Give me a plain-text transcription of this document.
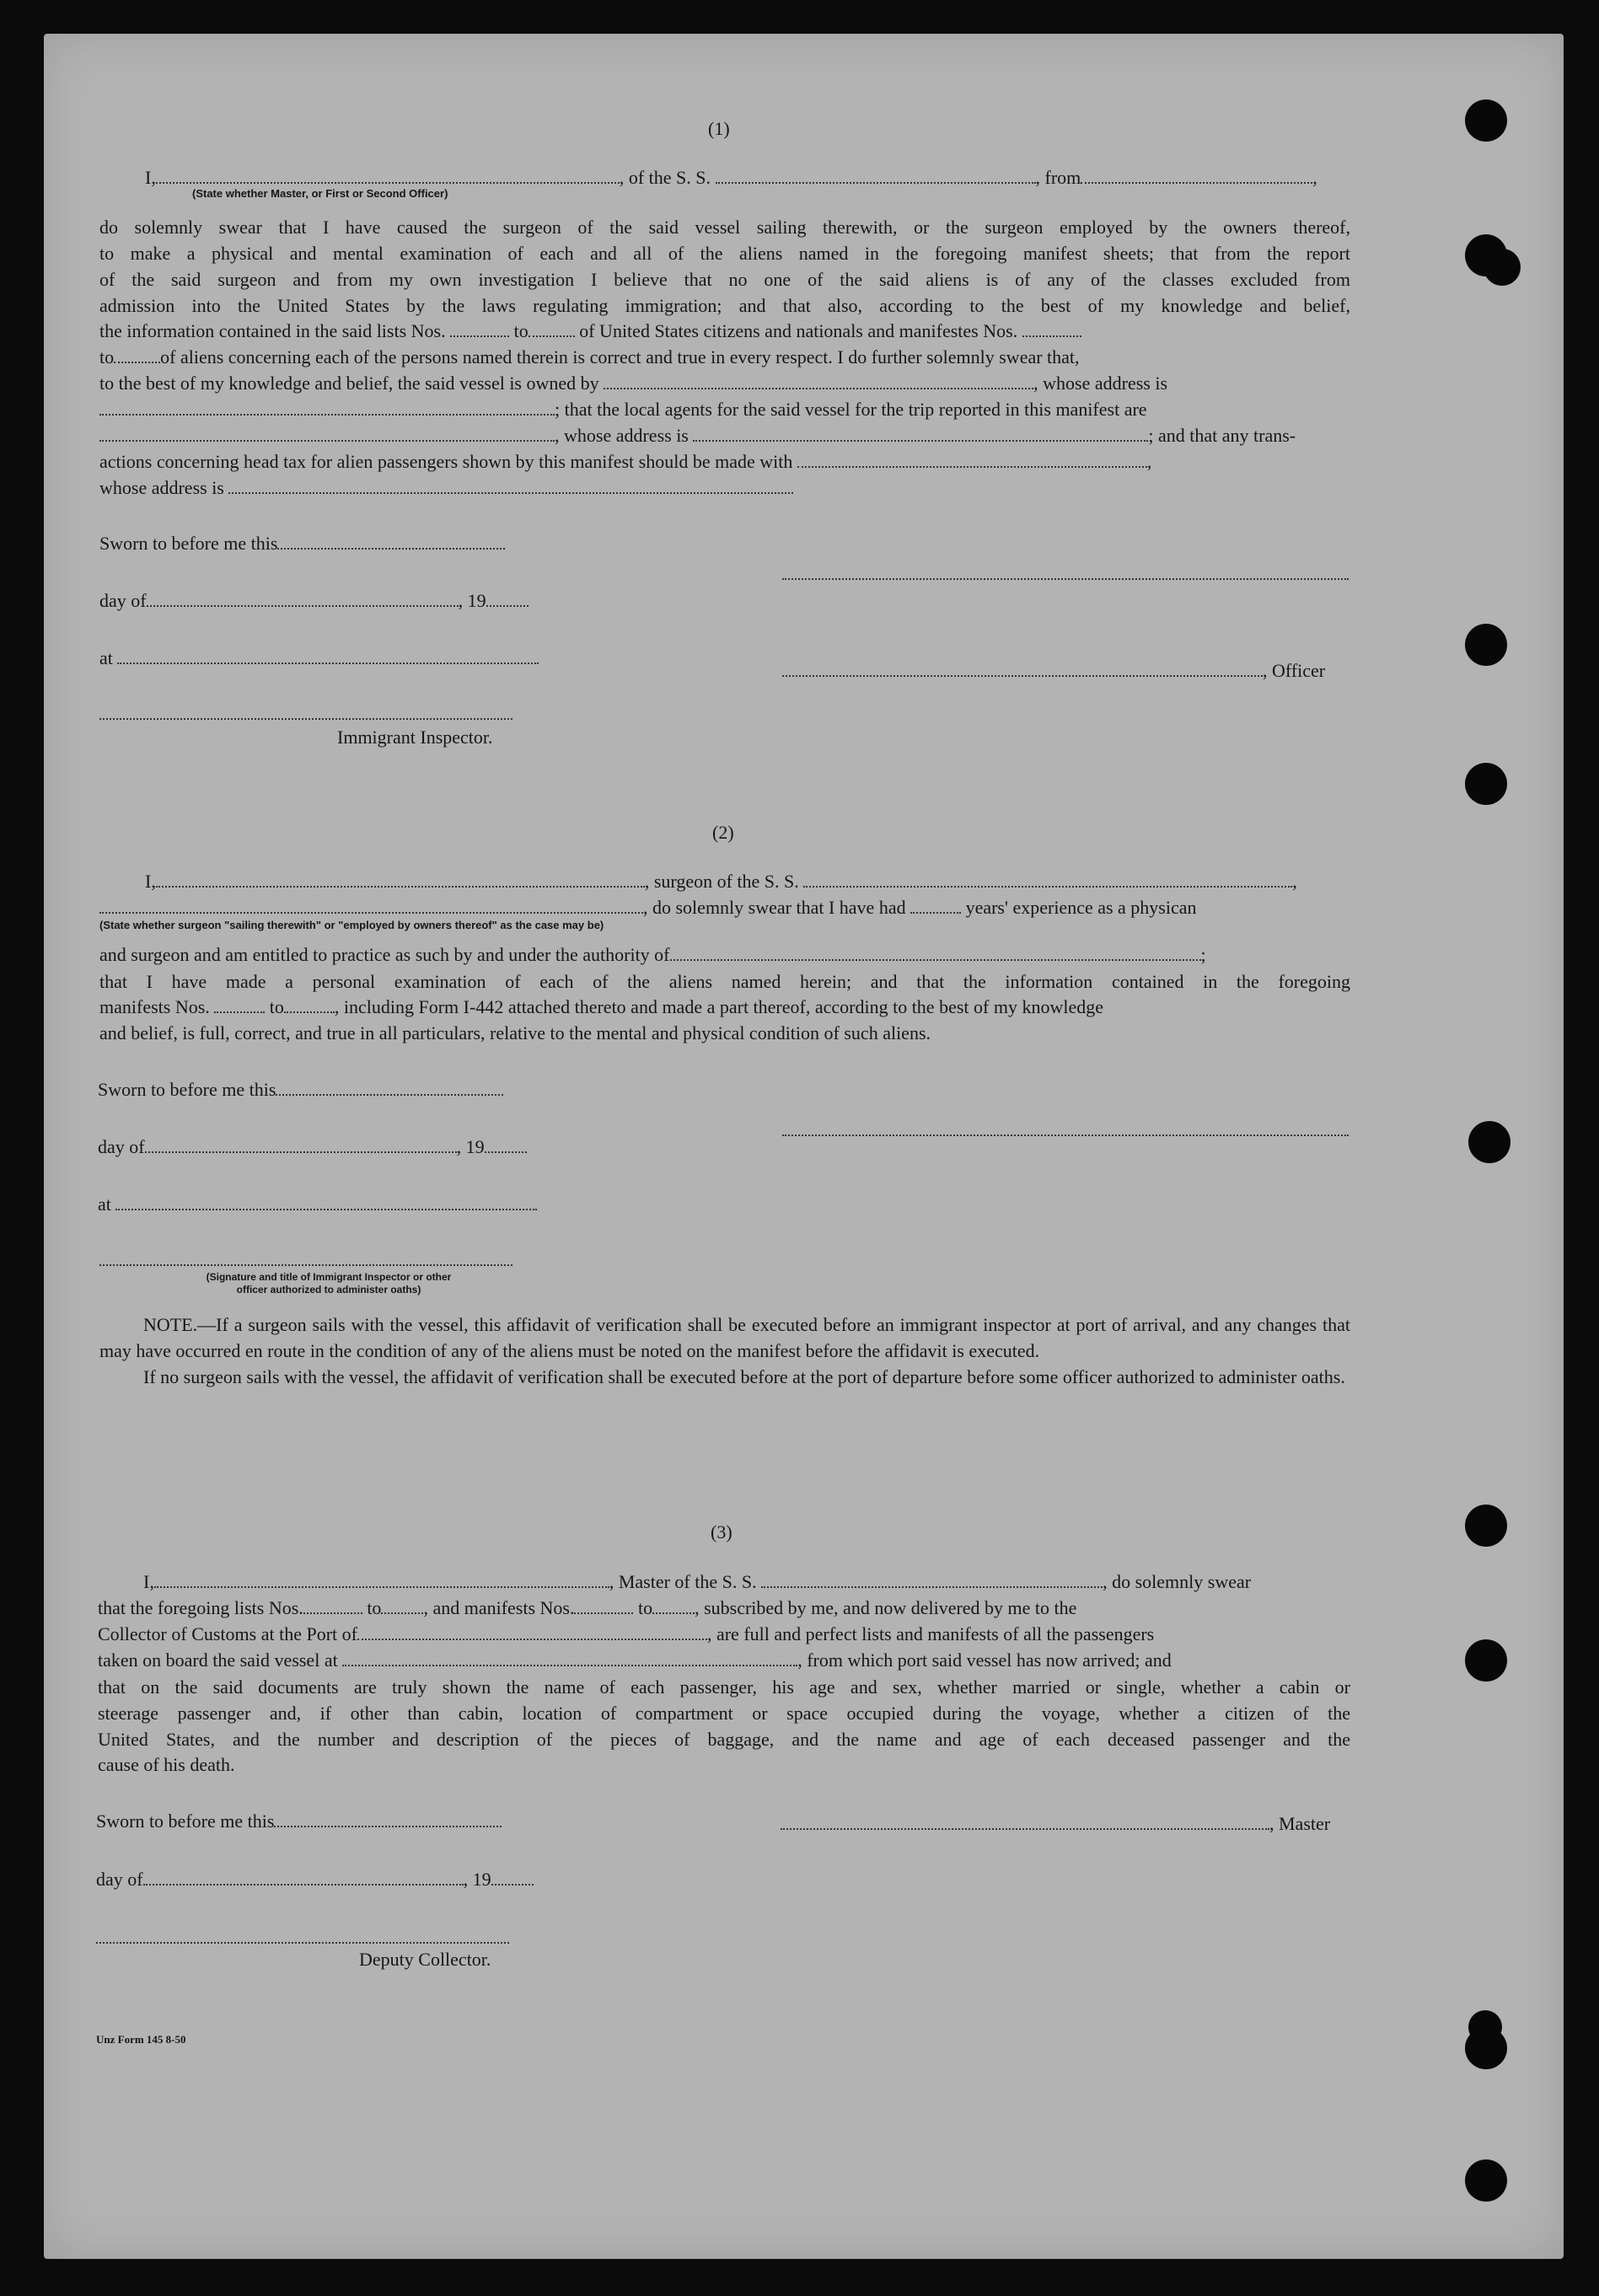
(1)
I,	, of the S. S.	, from	,
(State whether Master, or First or Second Officer)
do solemnly swear that I have caused the surgeon of the said vessel sailing therewith, or the surgeon employed by the owners thereof,
to make a physical and mental examination of each and all of the aliens named in the foregoing manifest sheets; that from the report
of the said surgeon and from my own investigation I believe that no one of the said aliens is of any of the classes excluded from
admission into the United States by the laws regulating immigration; and that also, according to the best of my knowledge and belief,
the information contained in the said lists Nos.	to	of United States citizens and nationals and manifestes Nos.
to	of aliens concerning each of the persons named therein is correct and true in every respect. I do further solemnly swear that,
to the best of my knowledge and belief, the said vessel is owned by	, whose address is
; that the local agents for the said vessel for the trip reported in this manifest are
, whose address is	; and that any trans-
actions concerning head tax for alien passengers shown by this manifest should be made with	,
whose address is
Sworn to before me this
day of	, 19
at
, Officer
Immigrant Inspector.
(2)
I,	, surgeon of the S. S.	,
, do solemnly swear that I have had	years' experience as a physican
(State whether surgeon "sailing therewith" or "employed by owners thereof" as the case may be)
and surgeon and am entitled to practice as such by and under the authority of	;
that I have made a personal examination of each of the aliens named herein; and that the information contained in the foregoing
manifests Nos.	to	, including Form I-442 attached thereto and made a part thereof, according to the best of my knowledge
and belief, is full, correct, and true in all particulars, relative to the mental and physical condition of such aliens.
Sworn to before me this
day of	, 19
at
(Signature and title of Immigrant Inspector or other
officer authorized to administer oaths)

NOTE.—If a surgeon sails with the vessel, this affidavit of verification shall be executed before an immigrant inspector at port of arrival, and any changes that may have occurred en route in the condition of any of the aliens must be noted on the manifest before the affidavit is executed.

If no surgeon sails with the vessel, the affidavit of verification shall be executed before at the port of departure before some officer authorized to administer oaths.

(3)
I,	, Master of the S. S.	, do solemnly swear
that the foregoing lists Nos.	to , and manifests Nos.	to , subscribed by me, and now delivered by me to the
Collector of Customs at the Port of	, are full and perfect lists and manifests of all the passengers
taken on board the said vessel at	, from which port said vessel has now arrived; and
that on the said documents are truly shown the name of each passenger, his age and sex, whether married or single, whether a cabin or
steerage passenger and, if other than cabin, location of compartment or space occupied during the voyage, whether a citizen of the
United States, and the number and description of the pieces of baggage, and the name and age of each deceased passenger and the
cause of his death.
Sworn to before me this	, Master
day of	, 19
Deputy Collector.
Unz Form 145 8-50
